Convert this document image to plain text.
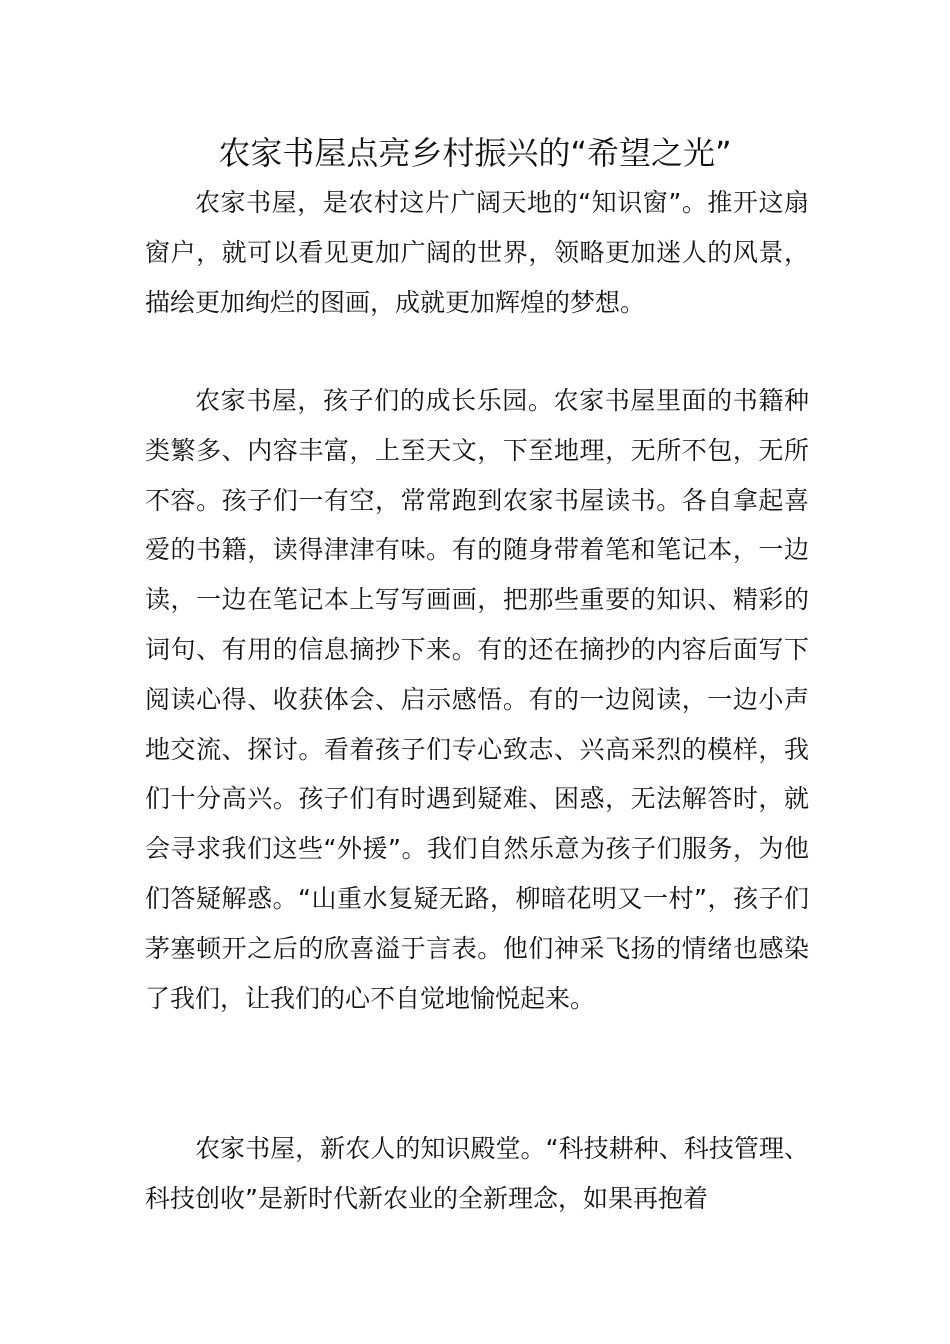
农家书屋点亮乡村振兴的“希望之光”

农家书屋，是农村这片广阔天地的“知识窗”。推开这扇窗户，就可以看见更加广阔的世界，领略更加迷人的风景，描绘更加绚烂的图画，成就更加辉煌的梦想。

农家书屋，孩子们的成长乐园。农家书屋里面的书籍种类繁多、内容丰富，上至天文，下至地理，无所不包，无所不容。孩子们一有空，常常跑到农家书屋读书。各自拿起喜爱的书籍，读得津津有味。有的随身带着笔和笔记本，一边读，一边在笔记本上写写画画，把那些重要的知识、精彩的词句、有用的信息摘抄下来。有的还在摘抄的内容后面写下阅读心得、收获体会、启示感悟。有的一边阅读，一边小声地交流、探讨。看着孩子们专心致志、兴高采烈的模样，我们十分高兴。孩子们有时遇到疑难、困惑，无法解答时，就会寻求我们这些“外援”。我们自然乐意为孩子们服务，为他们答疑解惑。“山重水复疑无路，柳暗花明又一村”，孩子们茅塞顿开之后的欣喜溢于言表。他们神采飞扬的情绪也感染了我们，让我们的心不自觉地愉悦起来。

农家书屋，新农人的知识殿堂。“科技耕种、科技管理、科技创收”是新时代新农业的全新理念，如果再抱着
